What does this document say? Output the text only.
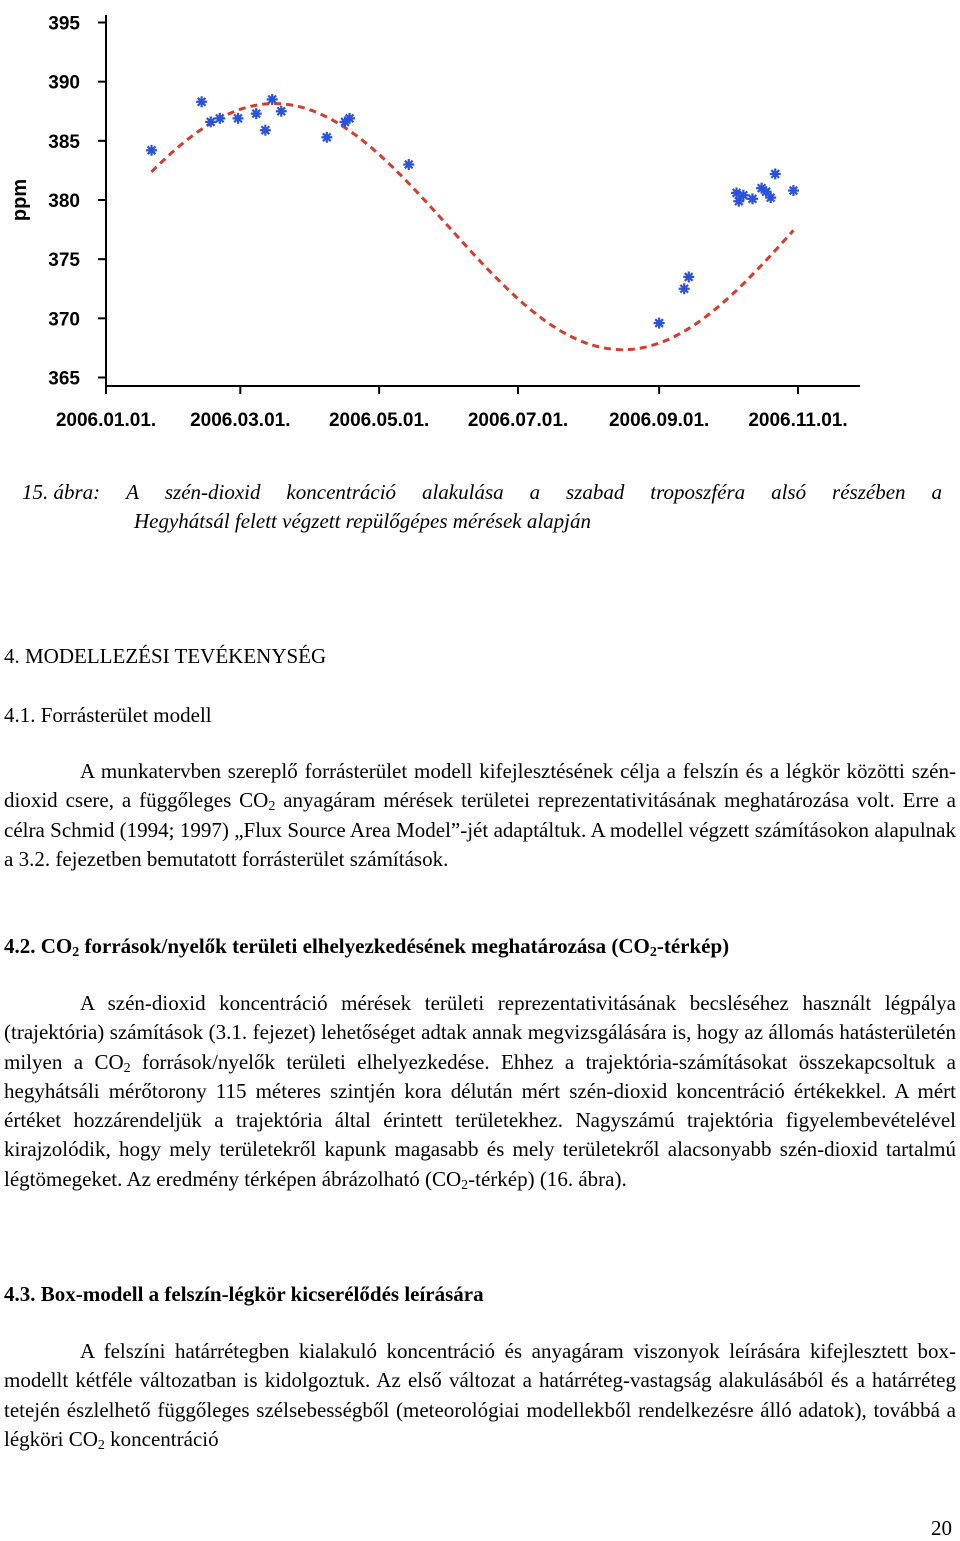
395
390
385
380
375
370
365
2006.01.01. 2006.03.01. 2006.05.01. 2006.07.01. 2006.09.01. 2006.11.01.
ppm
15. ábra: A szén-dioxid koncentráció alakulása a szabad troposzféra alsó részében a
Hegyhátsál felett végzett repülőgépes mérések alapján
4. MODELLEZÉSI TEVÉKENYSÉG
4.1. Forrásterület modell
A munkatervben szereplő forrásterület modell kifejlesztésének célja a felszín és a légkör közötti szén-dioxid csere, a függőleges $CO_2$ anyagáram mérések területei reprezentativitásának meghatározása volt. Erre a célra Schmid (1994; 1997) „Flux Source Area Model”-jét adaptáltuk. A modellel végzett számításokon alapulnak a 3.2. fejezetben bemutatott forrásterület számítások.
4.2. $CO_2$ források/nyelők területi elhelyezkedésének meghatározása $(CO_2-térkép)$
A szén-dioxid koncentráció mérések területi reprezentativitásának becsléséhez használt légpálya (trajektória) számítások (3.1. fejezet) lehetőséget adtak annak megvizsgálására is, hogy az állomás hatásterületén milyen a $CO_2$ források/nyelők területi elhelyezkedése. Ehhez a trajektória-számításokat összekapcsoltuk a hegyhátsáli mérőtorony 115 méteres szintjén kora délután mért szén-dioxid koncentráció értékekkel. A mért értéket hozzárendeljük a trajektória által érintett területekhez. Nagyszámú trajektória figyelembevételével kirajzolódik, hogy mely területekről kapunk magasabb és mely területekről alacsonyabb szén-dioxid tartalmú légtömegeket. Az eredmény térképen ábrázolható $(CO_2-térkép)$ (16. ábra).
4.3. Box-modell a felszín-légkör kicserélődés leírására
A felszíni határrétegben kialakuló koncentráció és anyagáram viszonyok leírására kifejlesztett box-modellt kétféle változatban is kidolgoztuk. Az első változat a határréteg-vastagság alakulásából és a határréteg tetején észlelhető függőleges szélsebességből (meteorológiai modellekből rendelkezésre álló adatok), továbbá a légköri $CO_2$ koncentráció
20
